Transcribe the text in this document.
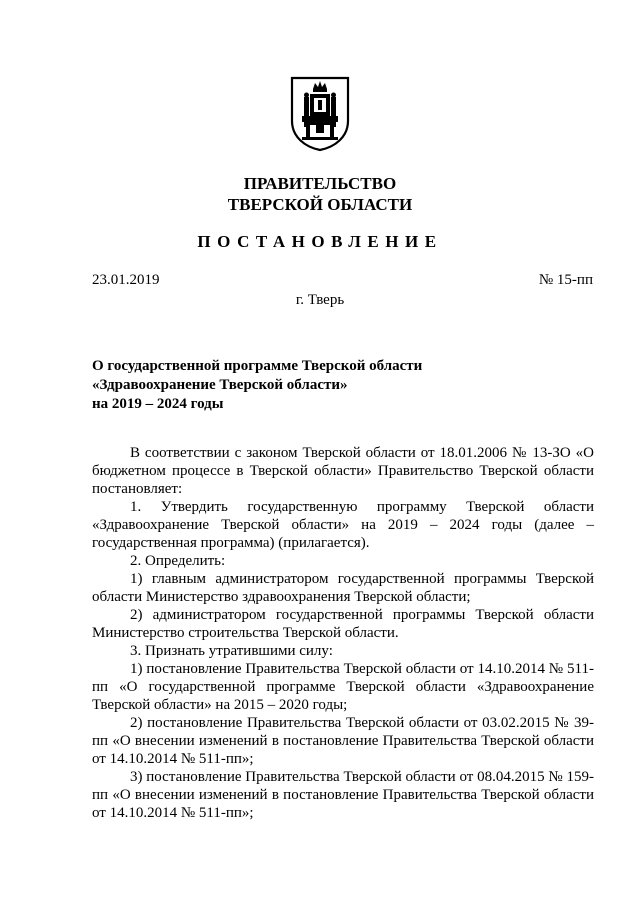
ПРАВИТЕЛЬСТВО
ТВЕРСКОЙ ОБЛАСТИ
ПОСТАНОВЛЕНИЕ
23.01.2019	№ 15-пп
г. Тверь
О государственной программе Тверской области
«Здравоохранение Тверской области»
на 2019 – 2024 годы

В соответствии с законом Тверской области от 18.01.2006 № 13-ЗО «О бюджетном процессе в Тверской области» Правительство Тверской области постановляет:

1. Утвердить государственную программу Тверской области «Здравоохранение Тверской области» на 2019 – 2024 годы (далее – государственная программа) (прилагается).

2. Определить:

1) главным администратором государственной программы Тверской области Министерство здравоохранения Тверской области;

2) администратором государственной программы Тверской области Министерство строительства Тверской области.

3. Признать утратившими силу:

1) постановление Правительства Тверской области от 14.10.2014 № 511-пп «О государственной программе Тверской области «Здравоохранение Тверской области» на 2015 – 2020 годы;

2) постановление Правительства Тверской области от 03.02.2015 № 39-пп «О внесении изменений в постановление Правительства Тверской области от 14.10.2014 № 511-пп»;

3) постановление Правительства Тверской области от 08.04.2015 № 159-пп «О внесении изменений в постановление Правительства Тверской области от 14.10.2014 № 511-пп»;
